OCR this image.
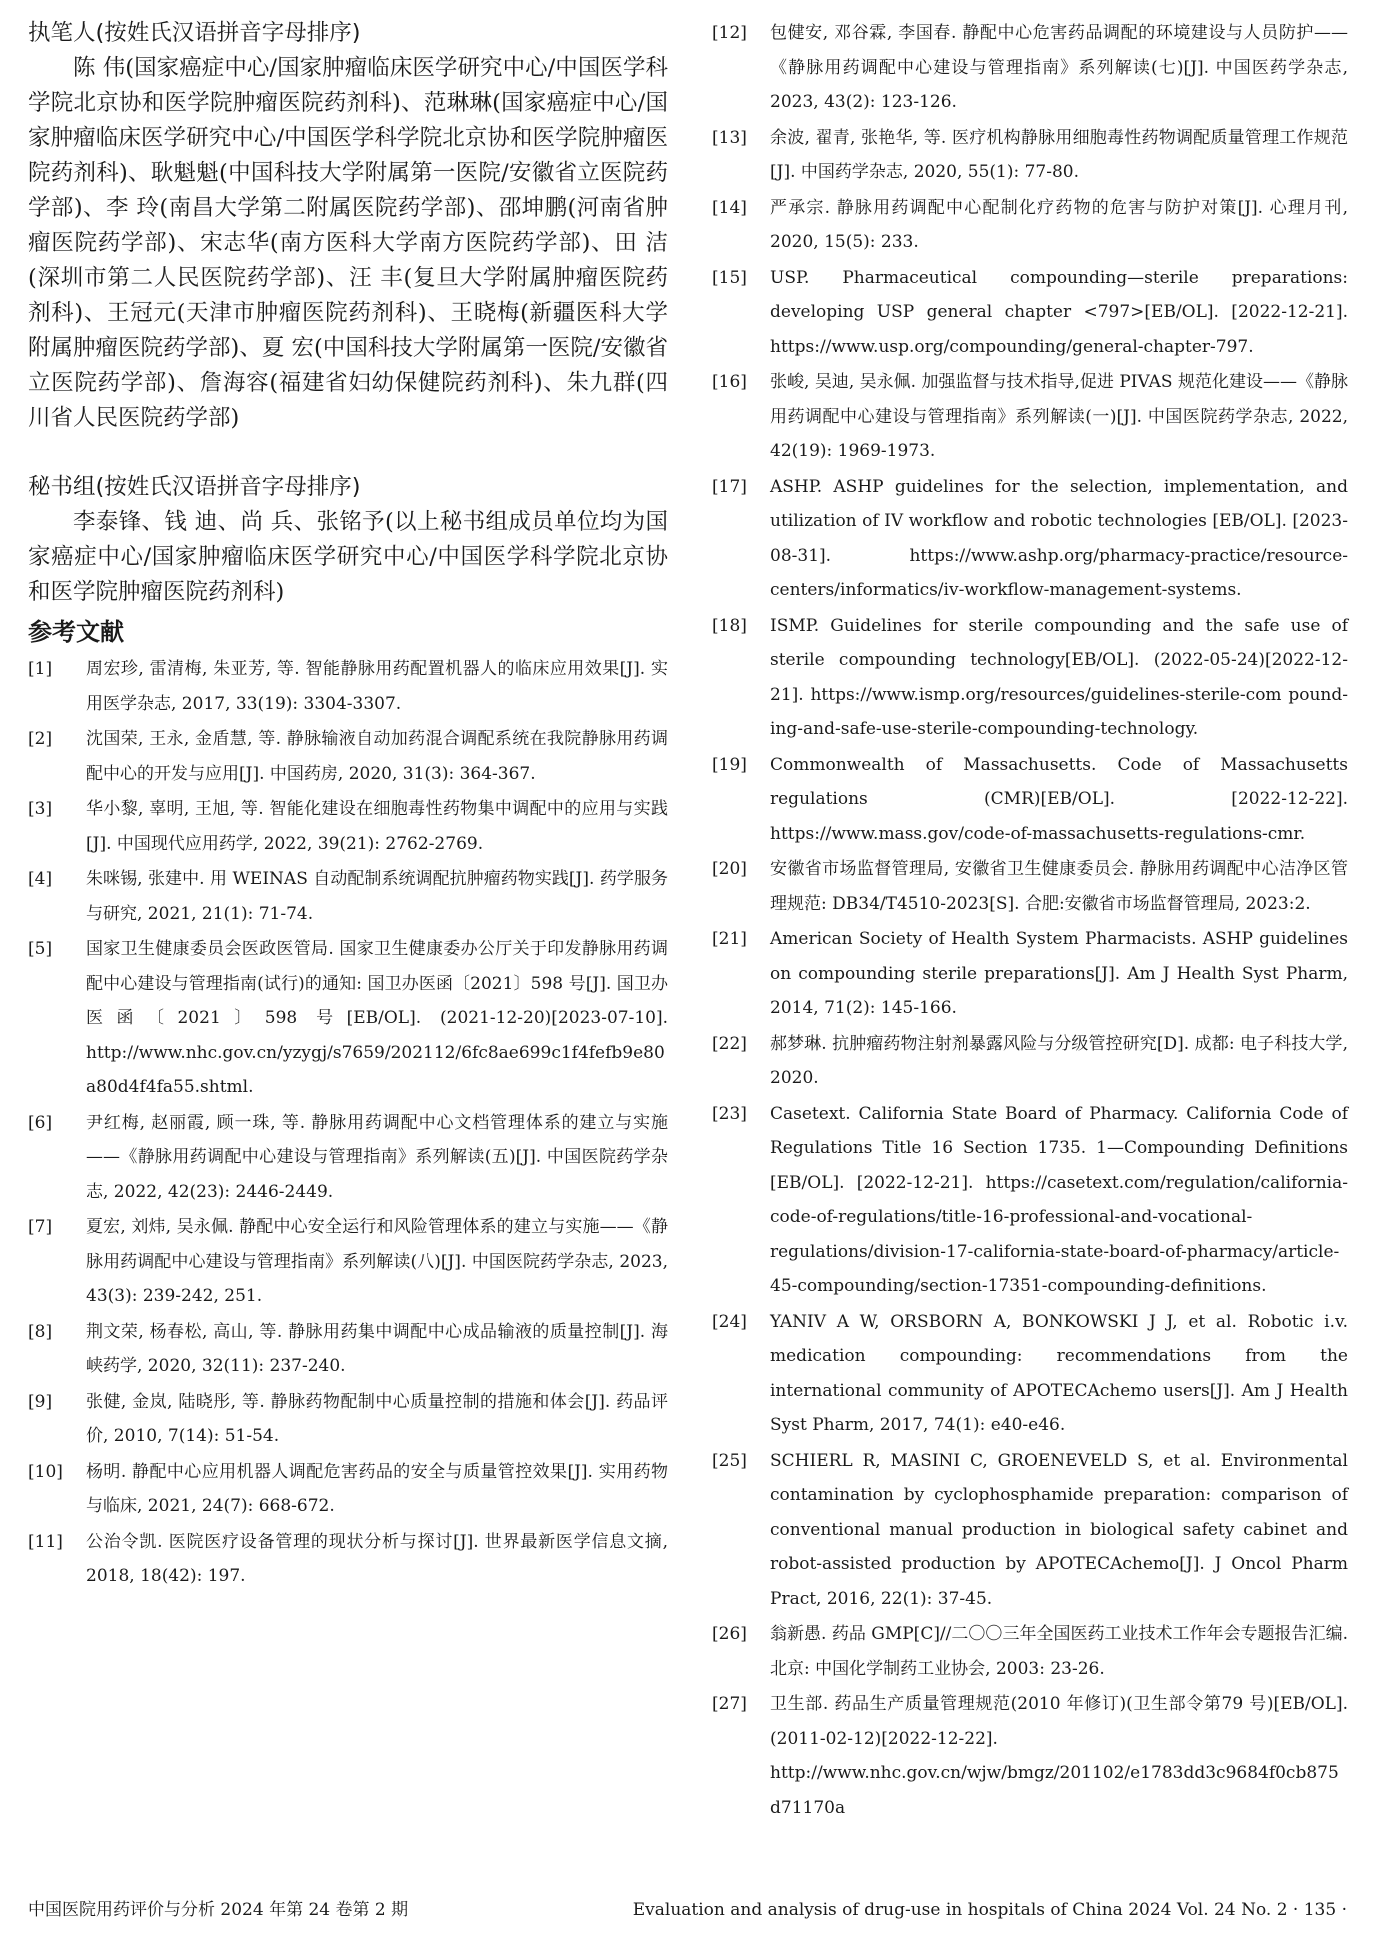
执笔人(按姓氏汉语拼音字母排序)
陈 伟(国家癌症中心/国家肿瘤临床医学研究中心/中国医学科学院北京协和医学院肿瘤医院药剂科)、范琳琳(国家癌症中心/国家肿瘤临床医学研究中心/中国医学科学院北京协和医学院肿瘤医院药剂科)、耿魁魁(中国科技大学附属第一医院/安徽省立医院药学部)、李 玲(南昌大学第二附属医院药学部)、邵坤鹏(河南省肿瘤医院药学部)、宋志华(南方医科大学南方医院药学部)、田 洁(深圳市第二人民医院药学部)、汪 丰(复旦大学附属肿瘤医院药剂科)、王冠元(天津市肿瘤医院药剂科)、王晓梅(新疆医科大学附属肿瘤医院药学部)、夏 宏(中国科技大学附属第一医院/安徽省立医院药学部)、詹海容(福建省妇幼保健院药剂科)、朱九群(四川省人民医院药学部)
秘书组(按姓氏汉语拼音字母排序)
李泰锋、钱 迪、尚 兵、张铭予(以上秘书组成员单位均为国家癌症中心/国家肿瘤临床医学研究中心/中国医学科学院北京协和医学院肿瘤医院药剂科)
参考文献
[1]	周宏珍, 雷清梅, 朱亚芳, 等. 智能静脉用药配置机器人的临床应用效果[J]. 实用医学杂志, 2017, 33(19): 3304-3307.
[2]	沈国荣, 王永, 金盾慧, 等. 静脉输液自动加药混合调配系统在我院静脉用药调配中心的开发与应用[J]. 中国药房, 2020, 31(3): 364-367.
[3]	华小黎, 辜明, 王旭, 等. 智能化建设在细胞毒性药物集中调配中的应用与实践[J]. 中国现代应用药学, 2022, 39(21): 2762-2769.
[4]	朱咪锡, 张建中. 用 WEINAS 自动配制系统调配抗肿瘤药物实践[J]. 药学服务与研究, 2021, 21(1): 71-74.
[5]	国家卫生健康委员会医政医管局. 国家卫生健康委办公厅关于印发静脉用药调配中心建设与管理指南(试行)的通知: 国卫办医函〔2021〕598 号[J]. 国卫办医函〔2021〕598 号[EB/OL]. (2021-12-20)[2023-07-10]. http://www.nhc.gov.cn/yzygj/s7659/202112/6fc8ae699c1f4fefb9e80a80d4f4fa55.shtml.
[6]	尹红梅, 赵丽霞, 顾一珠, 等. 静脉用药调配中心文档管理体系的建立与实施——《静脉用药调配中心建设与管理指南》系列解读(五)[J]. 中国医院药学杂志, 2022, 42(23): 2446-2449.
[7]	夏宏, 刘炜, 吴永佩. 静配中心安全运行和风险管理体系的建立与实施——《静脉用药调配中心建设与管理指南》系列解读(八)[J]. 中国医院药学杂志, 2023, 43(3): 239-242, 251.
[8]	荆文荣, 杨春松, 高山, 等. 静脉用药集中调配中心成品输液的质量控制[J]. 海峡药学, 2020, 32(11): 237-240.
[9]	张健, 金岚, 陆晓彤, 等. 静脉药物配制中心质量控制的措施和体会[J]. 药品评价, 2010, 7(14): 51-54.
[10]	杨明. 静配中心应用机器人调配危害药品的安全与质量管控效果[J]. 实用药物与临床, 2021, 24(7): 668-672.
[11]	公治令凯. 医院医疗设备管理的现状分析与探讨[J]. 世界最新医学信息文摘, 2018, 18(42): 197.
[12]	包健安, 邓谷霖, 李国春. 静配中心危害药品调配的环境建设与人员防护——《静脉用药调配中心建设与管理指南》系列解读(七)[J]. 中国医药学杂志, 2023, 43(2): 123-126.
[13]	余波, 翟青, 张艳华, 等. 医疗机构静脉用细胞毒性药物调配质量管理工作规范[J]. 中国药学杂志, 2020, 55(1): 77-80.
[14]	严承宗. 静脉用药调配中心配制化疗药物的危害与防护对策[J]. 心理月刊, 2020, 15(5): 233.
[15]	USP. Pharmaceutical compounding—sterile preparations: developing USP general chapter <797>[EB/OL]. [2022-12-21]. https://www.usp.org/compounding/general-chapter-797.
[16]	张峻, 吴迪, 吴永佩. 加强监督与技术指导,促进 PIVAS 规范化建设——《静脉用药调配中心建设与管理指南》系列解读(一)[J]. 中国医院药学杂志, 2022, 42(19): 1969-1973.
[17]	ASHP. ASHP guidelines for the selection, implementation, and utilization of IV workflow and robotic technologies [EB/OL]. [2023-08-31]. https://www.ashp.org/pharmacy-practice/resource-centers/informatics/iv-workflow-management-systems.
[18]	ISMP. Guidelines for sterile compounding and the safe use of sterile compounding technology[EB/OL]. (2022-05-24)[2022-12-21]. https://www.ismp.org/resources/guidelines-sterile-com pound-ing-and-safe-use-sterile-compounding-technology.
[19]	Commonwealth of Massachusetts. Code of Massachusetts regulations (CMR)[EB/OL]. [2022-12-22]. https://www.mass.gov/code-of-massachusetts-regulations-cmr.
[20]	安徽省市场监督管理局, 安徽省卫生健康委员会. 静脉用药调配中心洁净区管理规范: DB34/T4510-2023[S]. 合肥:安徽省市场监督管理局, 2023:2.
[21]	American Society of Health System Pharmacists. ASHP guidelines on compounding sterile preparations[J]. Am J Health Syst Pharm, 2014, 71(2): 145-166.
[22]	郝梦琳. 抗肿瘤药物注射剂暴露风险与分级管控研究[D]. 成都: 电子科技大学, 2020.
[23]	Casetext. California State Board of Pharmacy. California Code of Regulations Title 16 Section 1735. 1—Compounding Definitions [EB/OL]. [2022-12-21]. https://casetext.com/regulation/california-code-of-regulations/title-16-professional-and-vocational-regulations/division-17-california-state-board-of-pharmacy/article-45-compounding/section-17351-compounding-definitions.
[24]	YANIV A W, ORSBORN A, BONKOWSKI J J, et al. Robotic i.v. medication compounding: recommendations from the international community of APOTECAchemo users[J]. Am J Health Syst Pharm, 2017, 74(1): e40-e46.
[25]	SCHIERL R, MASINI C, GROENEVELD S, et al. Environmental contamination by cyclophosphamide preparation: comparison of conventional manual production in biological safety cabinet and robot-assisted production by APOTECAchemo[J]. J Oncol Pharm Pract, 2016, 22(1): 37-45.
[26]	翁新愚. 药品 GMP[C]//二〇〇三年全国医药工业技术工作年会专题报告汇编. 北京: 中国化学制药工业协会, 2003: 23-26.
[27]	卫生部. 药品生产质量管理规范(2010 年修订)(卫生部令第79 号)[EB/OL]. (2011-02-12)[2022-12-22]. http://www.nhc.gov.cn/wjw/bmgz/201102/e1783dd3c9684f0cb875d71170a
中国医院用药评价与分析 2024 年第 24 卷第 2 期	Evaluation and analysis of drug-use in hospitals of China 2024 Vol. 24 No. 2 · 135 ·
